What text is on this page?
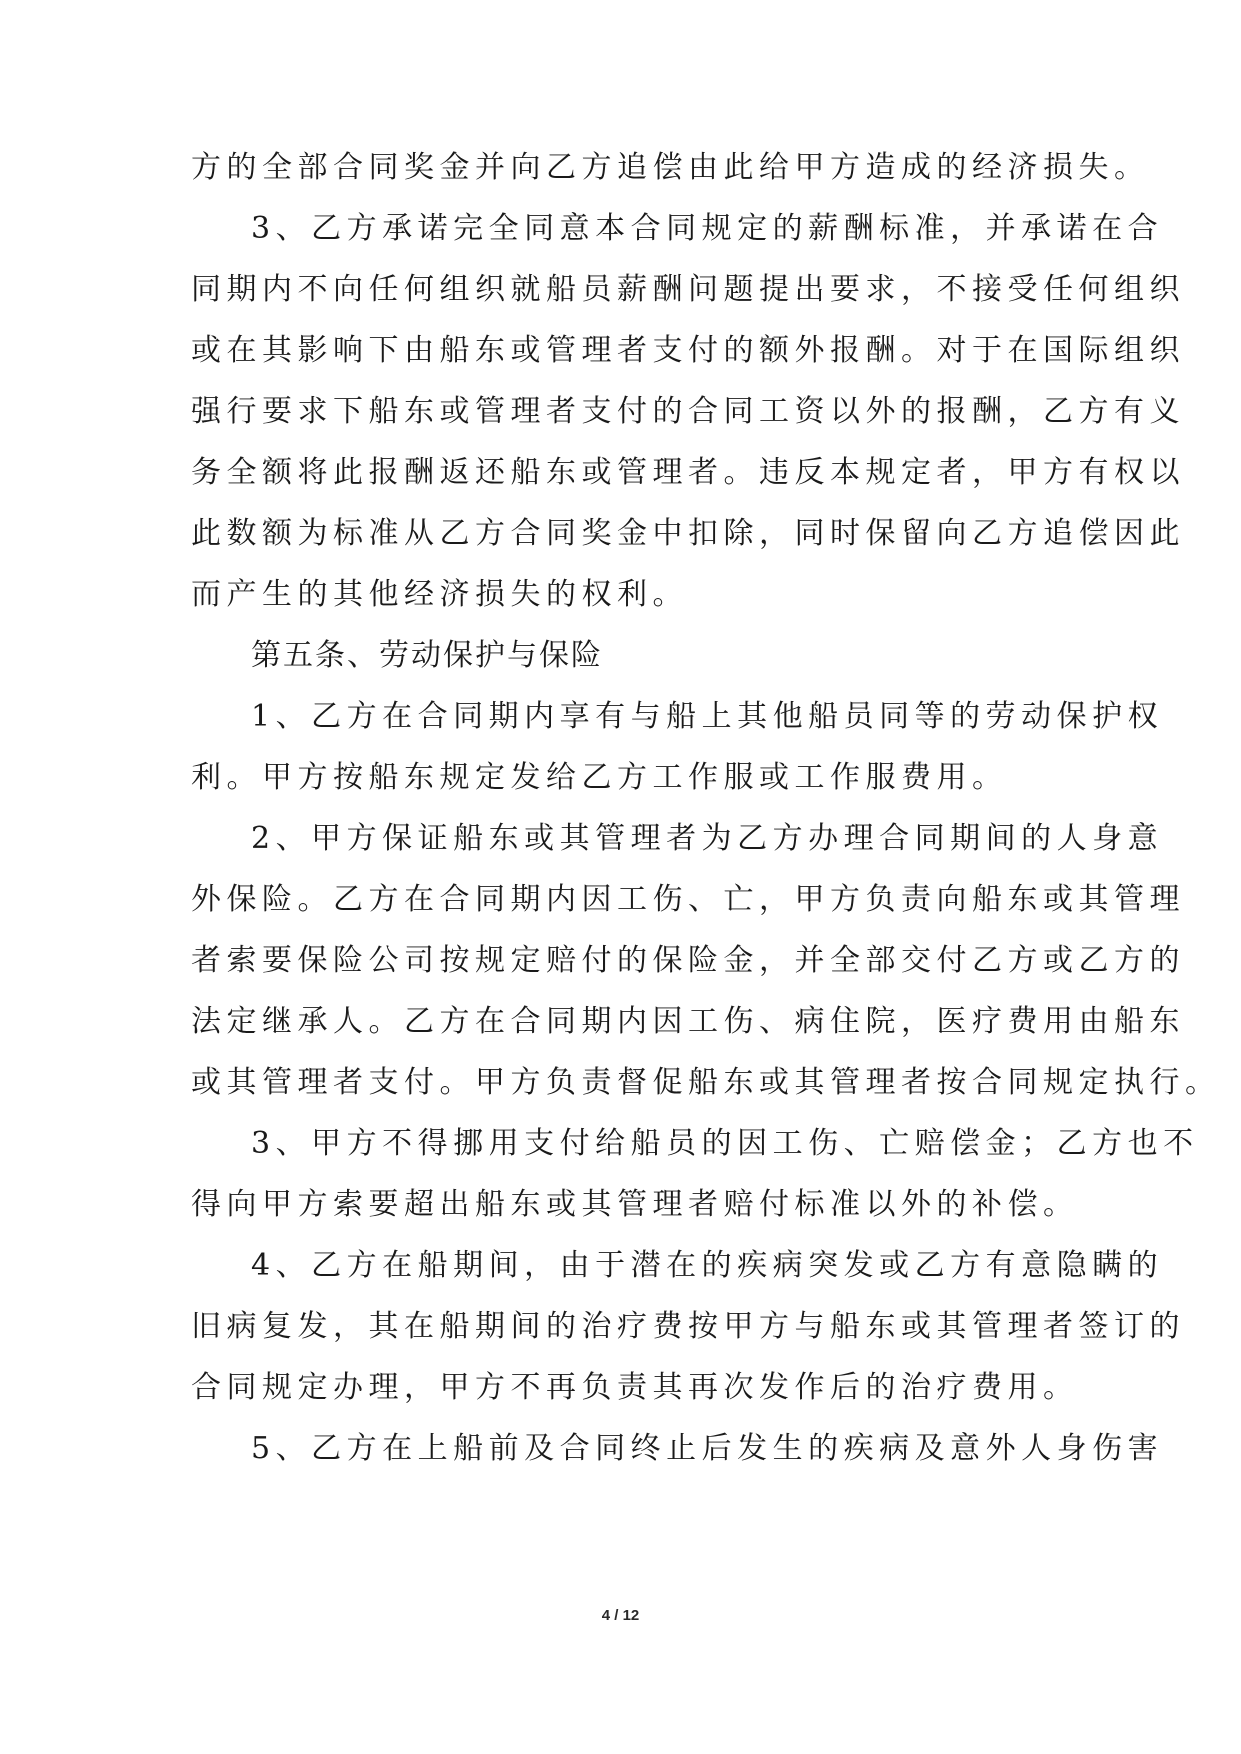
方的全部合同奖金并向乙方追偿由此给甲方造成的经济损失。
3、乙方承诺完全同意本合同规定的薪酬标准，并承诺在合
同期内不向任何组织就船员薪酬问题提出要求，不接受任何组织
或在其影响下由船东或管理者支付的额外报酬。对于在国际组织
强行要求下船东或管理者支付的合同工资以外的报酬，乙方有义
务全额将此报酬返还船东或管理者。违反本规定者，甲方有权以
此数额为标准从乙方合同奖金中扣除，同时保留向乙方追偿因此
而产生的其他经济损失的权利。
第五条、劳动保护与保险
1、乙方在合同期内享有与船上其他船员同等的劳动保护权
利。甲方按船东规定发给乙方工作服或工作服费用。
2、甲方保证船东或其管理者为乙方办理合同期间的人身意
外保险。乙方在合同期内因工伤、亡，甲方负责向船东或其管理
者索要保险公司按规定赔付的保险金，并全部交付乙方或乙方的
法定继承人。乙方在合同期内因工伤、病住院，医疗费用由船东
或其管理者支付。甲方负责督促船东或其管理者按合同规定执行。
3、甲方不得挪用支付给船员的因工伤、亡赔偿金；乙方也不
得向甲方索要超出船东或其管理者赔付标准以外的补偿。
4、乙方在船期间，由于潜在的疾病突发或乙方有意隐瞒的
旧病复发，其在船期间的治疗费按甲方与船东或其管理者签订的
合同规定办理，甲方不再负责其再次发作后的治疗费用。
5、乙方在上船前及合同终止后发生的疾病及意外人身伤害
4 / 12
